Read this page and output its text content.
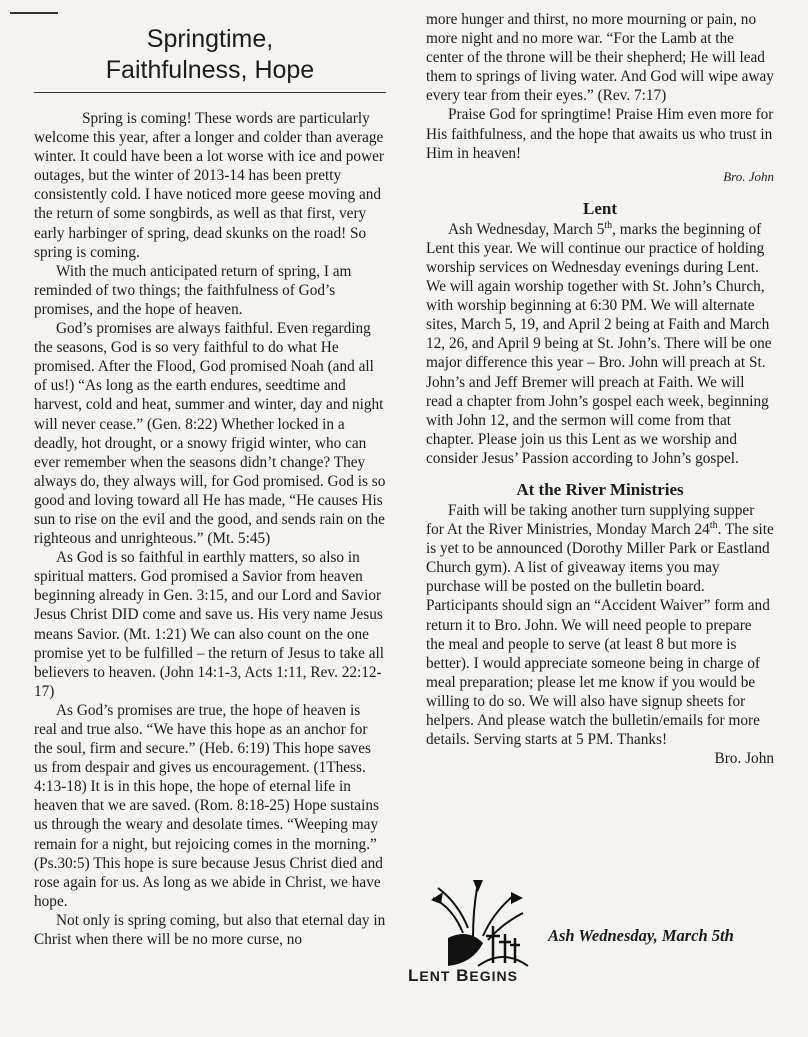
Springtime,
Faithfulness, Hope

Spring is coming! These words are particularly welcome this year, after a longer and colder than average winter. It could have been a lot worse with ice and power outages, but the winter of 2013-14 has been pretty consistently cold. I have noticed more geese moving and the return of some songbirds, as well as that first, very early harbinger of spring, dead skunks on the road! So spring is coming.

With the much anticipated return of spring, I am reminded of two things; the faithfulness of God’s promises, and the hope of heaven.

God’s promises are always faithful. Even regarding the seasons, God is so very faithful to do what He promised. After the Flood, God promised Noah (and all of us!) “As long as the earth endures, seedtime and harvest, cold and heat, summer and winter, day and night will never cease.” (Gen. 8:22) Whether locked in a deadly, hot drought, or a snowy frigid winter, who can ever remember when the seasons didn’t change? They always do, they always will, for God promised. God is so good and loving toward all He has made, “He causes His sun to rise on the evil and the good, and sends rain on the righteous and unrighteous.” (Mt. 5:45)

As God is so faithful in earthly matters, so also in spiritual matters. God promised a Savior from heaven beginning already in Gen. 3:15, and our Lord and Savior Jesus Christ DID come and save us. His very name Jesus means Savior. (Mt. 1:21) We can also count on the one promise yet to be fulfilled – the return of Jesus to take all believers to heaven. (John 14:1-3, Acts 1:11, Rev. 22:12-17)

As God’s promises are true, the hope of heaven is real and true also. “We have this hope as an anchor for the soul, firm and secure.” (Heb. 6:19) This hope saves us from despair and gives us encouragement. (1Thess. 4:13-18) It is in this hope, the hope of eternal life in heaven that we are saved. (Rom. 8:18-25) Hope sustains us through the weary and desolate times. “Weeping may remain for a night, but rejoicing comes in the morning.” (Ps.30:5) This hope is sure because Jesus Christ died and rose again for us. As long as we abide in Christ, we have hope.

Not only is spring coming, but also that eternal day in Christ when there will be no more curse, no

more hunger and thirst, no more mourning or pain, no more night and no more war. “For the Lamb at the center of the throne will be their shepherd; He will lead them to springs of living water. And God will wipe away every tear from their eyes.” (Rev. 7:17)

Praise God for springtime! Praise Him even more for His faithfulness, and the hope that awaits us who trust in Him in heaven!

Bro. John
Lent

Ash Wednesday, March 5th, marks the beginning of Lent this year. We will continue our practice of holding worship services on Wednesday evenings during Lent. We will again worship together with St. John’s Church, with worship beginning at 6:30 PM. We will alternate sites, March 5, 19, and April 2 being at Faith and March 12, 26, and April 9 being at St. John’s. There will be one major difference this year – Bro. John will preach at St. John’s and Jeff Bremer will preach at Faith. We will read a chapter from John’s gospel each week, beginning with John 12, and the sermon will come from that chapter. Please join us this Lent as we worship and consider Jesus’ Passion according to John’s gospel.

At the River Ministries

Faith will be taking another turn supplying supper for At the River Ministries, Monday March 24th. The site is yet to be announced (Dorothy Miller Park or Eastland Church gym). A list of giveaway items you may purchase will be posted on the bulletin board. Participants should sign an “Accident Waiver” form and return it to Bro. John. We will need people to prepare the meal and people to serve (at least 8 but more is better). I would appreciate someone being in charge of meal preparation; please let me know if you would be willing to do so. We will also have signup sheets for helpers. And please watch the bulletin/emails for more details. Serving starts at 5 PM. Thanks!

Bro. John
LENT BEGINS
Ash Wednesday, March 5th
